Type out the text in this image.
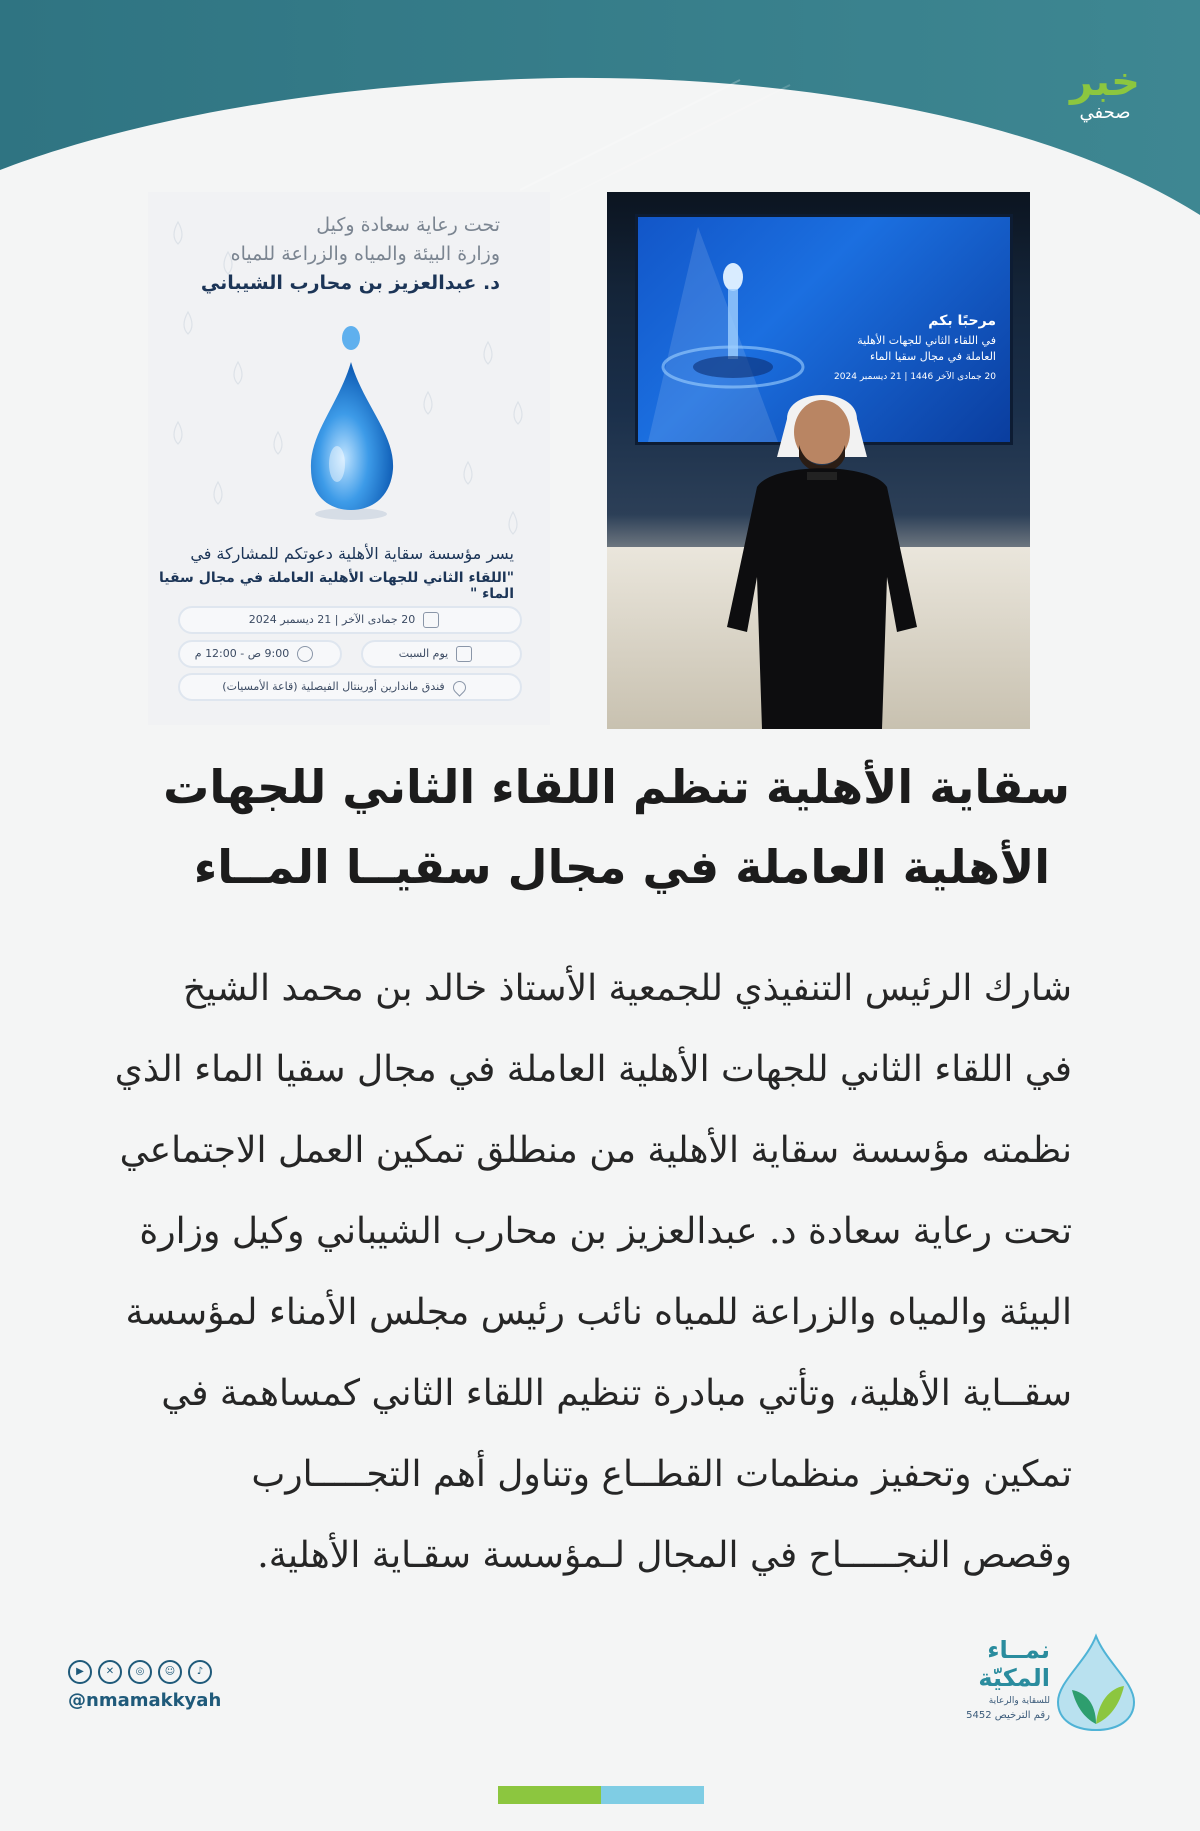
خبر
صحفي
تحت رعاية سعادة وكيل
وزارة البيئة والمياه والزراعة للمياه
د. عبدالعزيز بن محارب الشيباني
يسر مؤسسة سقاية الأهلية دعوتكم للمشاركة في
"اللقاء الثاني للجهات الأهلية العاملة في مجال سقيا الماء "
20 جمادى الآخر | 21 ديسمبر 2024
يوم السبت
9:00 ص - 12:00 م
فندق ماندارين أورينتال الفيصلية (قاعة الأمسيات)
مرحبًا بكم
في اللقاء الثاني للجهات الأهلية
العاملة في مجال سقيا الماء
20 جمادى الآخر 1446 | 21 ديسمبر 2024
سقاية الأهلية تنظم اللقاء الثاني للجهات
الأهلية العاملة في مجال سقيــا المــاء
شارك الرئيس التنفيذي للجمعية الأستاذ خالد بن محمد الشيخ
في اللقاء الثاني للجهات الأهلية العاملة في مجال سقيا الماء الذي
نظمته مؤسسة سقاية الأهلية من منطلق تمكين العمل الاجتماعي
تحت رعاية سعادة د. عبدالعزيز بن محارب الشيباني وكيل وزارة
البيئة والمياه والزراعة للمياه نائب رئيس مجلس الأمناء لمؤسسة
سقــاية الأهلية، وتأتي مبادرة تنظيم اللقاء الثاني كمساهمة في
تمكين وتحفيز منظمات القطــاع وتناول أهم التجـــــارب
وقصص النجـــــاح في المجال لـمؤسسة سقـاية الأهلية.
▶	✕	◎	☺	♪
@nmamakkyah
نمــاء
المكيّة
للسقاية والرعاية
رقم الترخيص 5452
